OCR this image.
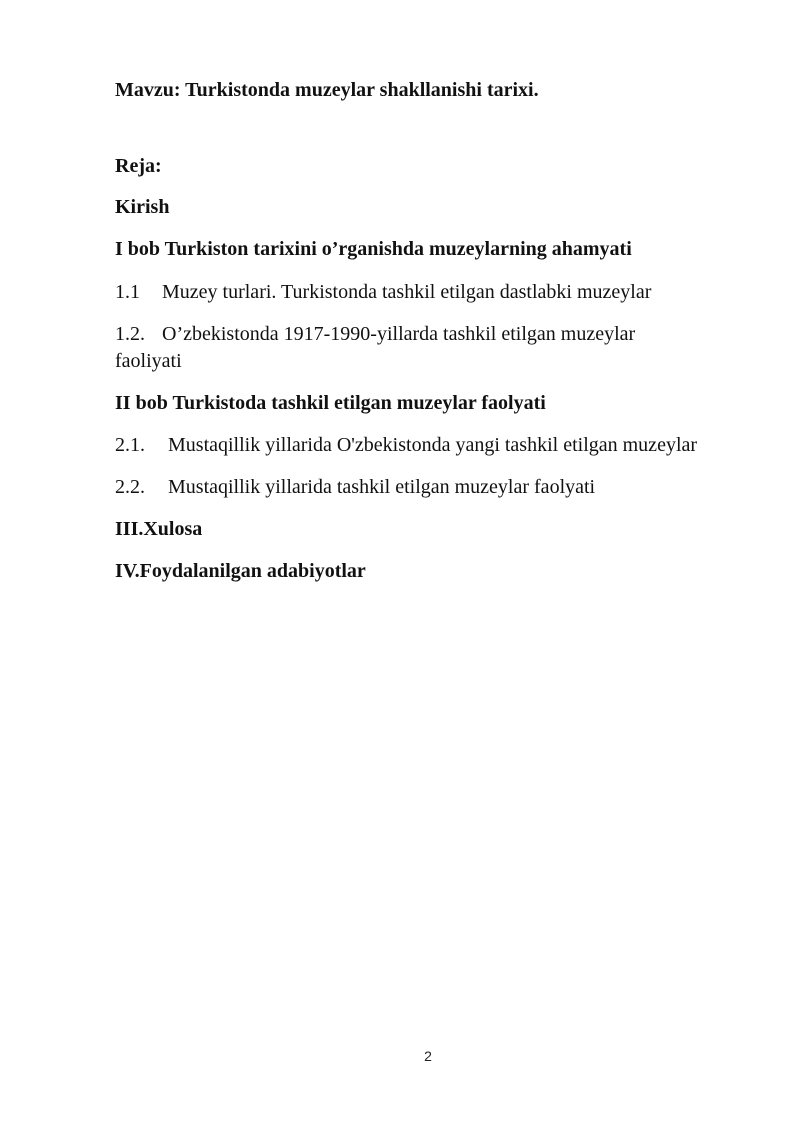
Mavzu: Turkistonda muzeylar shakllanishi tarixi.
Reja:
Kirish
I bob Turkiston tarixini o’rganishda muzeylarning ahamyati
1.1 Muzey turlari. Turkistonda tashkil etilgan dastlabki muzeylar
1.2. O’zbekistonda 1917-1990-yillarda tashkil etilgan muzeylar
faoliyati
II bob Turkistoda tashkil etilgan muzeylar faolyati
2.1. Mustaqillik yillarida O'zbekistonda yangi tashkil etilgan muzeylar
2.2. Mustaqillik yillarida tashkil etilgan muzeylar faolyati
III.Xulosa
IV.Foydalanilgan adabiyotlar
2
